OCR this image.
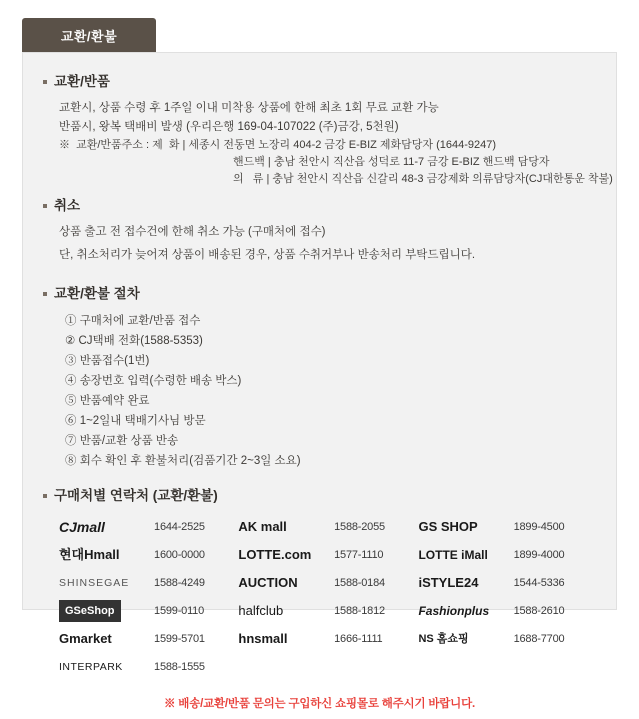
교환/환불
교환/반품
교환시, 상품 수령 후 1주일 이내 미착용 상품에 한해 최초 1회 무료 교환 가능
반품시, 왕복 택배비 발생 (우리은행 169-04-107022 (주)금강, 5천원)
※  교환/반품주소 : 제  화 | 세종시 전동면 노장리 404-2 금강 E-BIZ 제화담당자 (1644-9247)
핸드백 | 충남 천안시 직산읍 성덕로 11-7 금강 E-BIZ 핸드백 담당자
의   류 | 충남 천안시 직산읍 신갈리 48-3 금강제화 의류담당자(CJ대한통운 착불)
취소
상품 출고 전 접수건에 한해 취소 가능 (구매처에 접수)
단, 취소처리가 늦어져 상품이 배송된 경우, 상품 수취거부나 반송처리 부탁드립니다.
교환/환불 절차
① 구매처에 교환/반품 접수
② CJ택배 전화(1588-5353)
③ 반품접수(1번)
④ 송장번호 입력(수령한 배송 박스)
⑤ 반품예약 완료
⑥ 1~2일내 택배기사님 방문
⑦ 반품/교환 상품 반송
⑧ 회수 확인 후 환불처리(검품기간 2~3일 소요)
구매처별 연락처 (교환/환불)
CJmall	1644-2525	AK mall	1588-2055	GS SHOP	1899-4500
현대Hmall	1600-0000	LOTTE.com	1577-1110	LOTTE iMall	1899-4000
SHINSEGAE	1588-4249	AUCTION	1588-0184	iSTYLE24	1544-5336
GSeShop	1599-0110	halfclub	1588-1812	Fashionplus	1588-2610
Gmarket	1599-5701	hnsmall	1666-1111	NS 홈쇼핑	1688-7700
INTERPARK	1588-1555				
※ 배송/교환/반품 문의는 구입하신 쇼핑몰로 해주시기 바랍니다.
